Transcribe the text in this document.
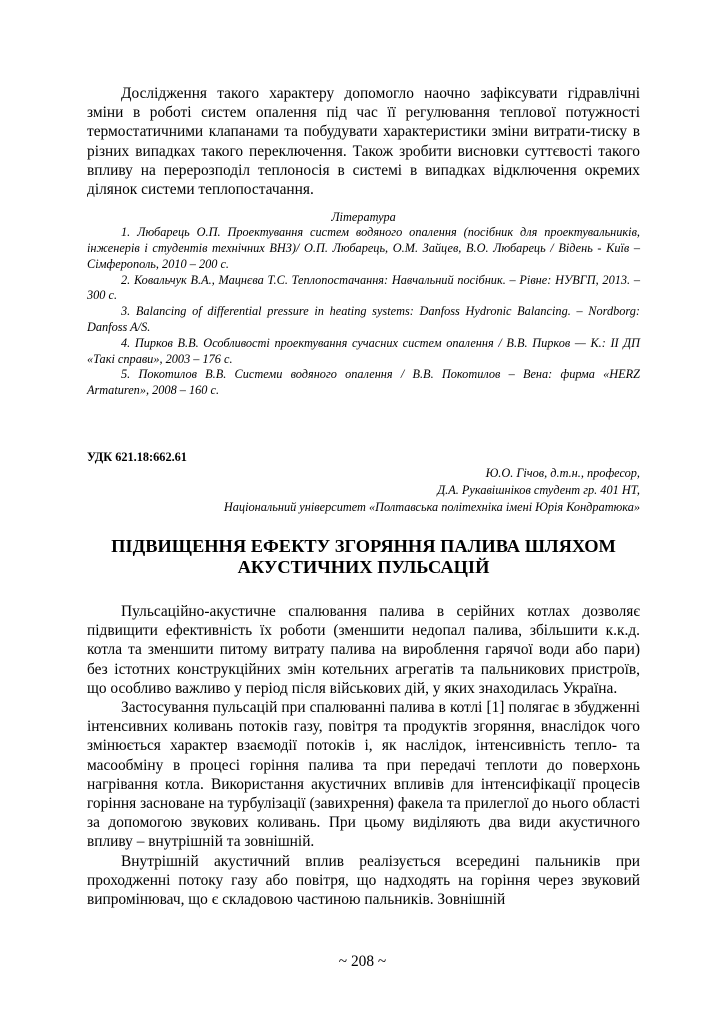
Дослідження такого характеру допомогло наочно зафіксувати гідравлічні зміни в роботі систем опалення під час її регулювання теплової потужності термостатичними клапанами та побудувати характеристики зміни витрати-тиску в різних випадках такого переключення. Також зробити висновки суттєвості такого впливу на перерозподіл теплоносія в системі в випадках відключення окремих ділянок системи теплопостачання.

Література

1. Любарець О.П. Проектування систем водяного опалення (посібник для проектувальників, інженерів і студентів технічних ВНЗ)/ О.П. Любарець, О.М. Зайцев, В.О. Любарець / Відень - Київ – Сімферополь, 2010 – 200 с.

2. Ковальчук В.А., Мацнєва Т.С. Теплопостачання: Навчальний посібник. – Рівне: НУВГП, 2013. – 300 с.

3. Balancing of differential pressure in heating systems: Danfoss Hydronic Balancing. – Nordborg: Danfoss A/S.

4. Пирков В.В. Особливості проектування сучасних систем опалення / В.В. Пирков — К.: II ДП «Такі справи», 2003 – 176 с.

5. Покотилов В.В. Системи водяного опалення / В.В. Покотилов – Вена: фирма «HERZ Armaturen», 2008 – 160 с.

УДК 621.18:662.61

Ю.О. Гічов, д.т.н., професор,

Д.А. Рукавішніков студент гр. 401 НТ,

Національний університет «Полтавська політехніка імені Юрія Кондратюка»

ПІДВИЩЕННЯ ЕФЕКТУ ЗГОРЯННЯ ПАЛИВА ШЛЯХОМ
АКУСТИЧНИХ ПУЛЬСАЦІЙ

Пульсаційно-акустичне спалювання палива в серійних котлах дозволяє підвищити ефективність їх роботи (зменшити недопал палива, збільшити к.к.д. котла та зменшити питому витрату палива на вироблення гарячої води або пари) без істотних конструкційних змін котельних агрегатів та пальникових пристроїв, що особливо важливо у період після військових дій, у яких знаходилась Україна.

Застосування пульсацій при спалюванні палива в котлі [1] полягає в збудженні інтенсивних коливань потоків газу, повітря та продуктів згоряння, внаслідок чого змінюється характер взаємодії потоків і, як наслідок, інтенсивність тепло- та масообміну в процесі горіння палива та при передачі теплоти до поверхонь нагрівання котла. Використання акустичних впливів для інтенсифікації процесів горіння засноване на турбулізації (завихрення) факела та прилеглої до нього області за допомогою звукових коливань. При цьому виділяють два види акустичного впливу – внутрішній та зовнішній.

Внутрішній акустичний вплив реалізується всередині пальників при проходженні потоку газу або повітря, що надходять на горіння через звуковий випромінювач, що є складовою частиною пальників. Зовнішній

~ 208 ~
